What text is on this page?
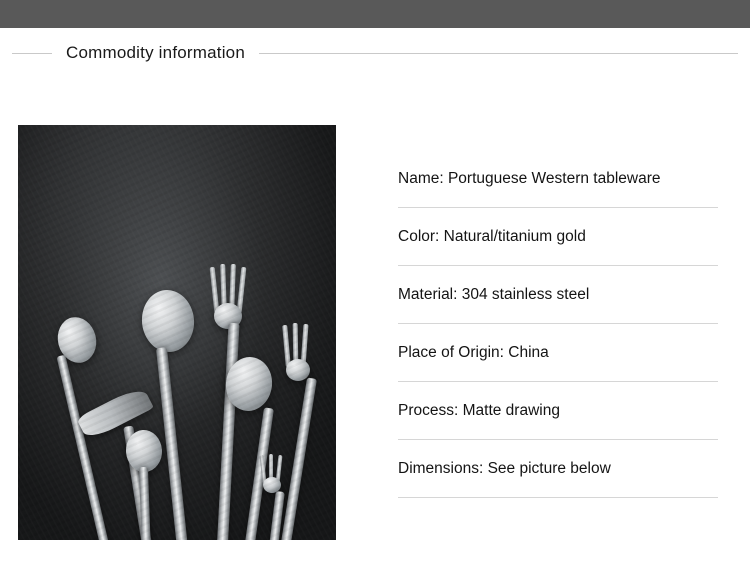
Commodity information
Name: Portuguese Western tableware
Color: Natural/titanium gold
Material: 304 stainless steel
Place of Origin: China
Process: Matte drawing
Dimensions: See picture below
